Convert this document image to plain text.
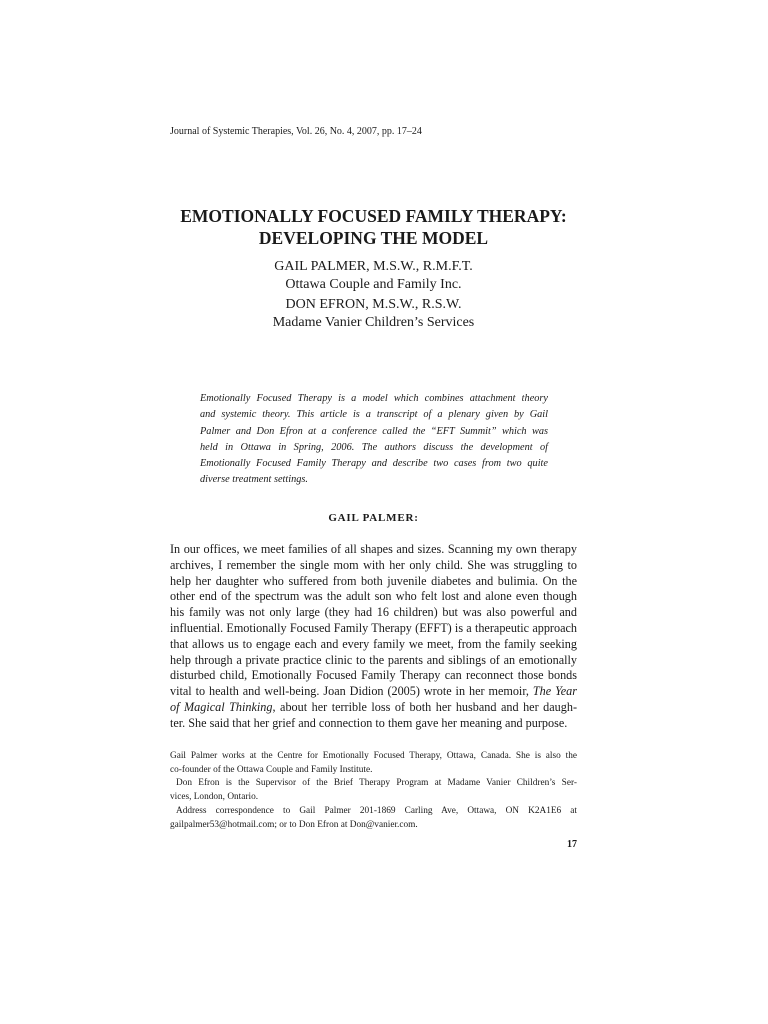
Journal of Systemic Therapies, Vol. 26, No. 4, 2007, pp. 17–24
EMOTIONALLY FOCUSED FAMILY THERAPY:
DEVELOPING THE MODEL
GAIL PALMER, M.S.W., R.M.F.T.
Ottawa Couple and Family Inc.
DON EFRON, M.S.W., R.S.W.
Madame Vanier Children’s Services
Emotionally Focused Therapy is a model which combines attachment theory
and systemic theory. This article is a transcript of a plenary given by Gail
Palmer and Don Efron at a conference called the “EFT Summit” which was
held in Ottawa in Spring, 2006. The authors discuss the development of
Emotionally Focused Family Therapy and describe two cases from two quite
diverse treatment settings.
GAIL PALMER:
In our offices, we meet families of all shapes and sizes. Scanning my own therapy
archives, I remember the single mom with her only child. She was struggling to
help her daughter who suffered from both juvenile diabetes and bulimia. On the
other end of the spectrum was the adult son who felt lost and alone even though
his family was not only large (they had 16 children) but was also powerful and
influential. Emotionally Focused Family Therapy (EFFT) is a therapeutic approach
that allows us to engage each and every family we meet, from the family seeking
help through a private practice clinic to the parents and siblings of an emotionally
disturbed child, Emotionally Focused Family Therapy can reconnect those bonds
vital to health and well-being. Joan Didion (2005) wrote in her memoir, The Year
of Magical Thinking, about her terrible loss of both her husband and her daugh-
ter. She said that her grief and connection to them gave her meaning and purpose.
Gail Palmer works at the Centre for Emotionally Focused Therapy, Ottawa, Canada. She is also the
co-founder of the Ottawa Couple and Family Institute.
Don Efron is the Supervisor of the Brief Therapy Program at Madame Vanier Children’s Ser-
vices, London, Ontario.
Address correspondence to Gail Palmer 201-1869 Carling Ave, Ottawa, ON K2A1E6 at
gailpalmer53@hotmail.com; or to Don Efron at Don@vanier.com.
17
